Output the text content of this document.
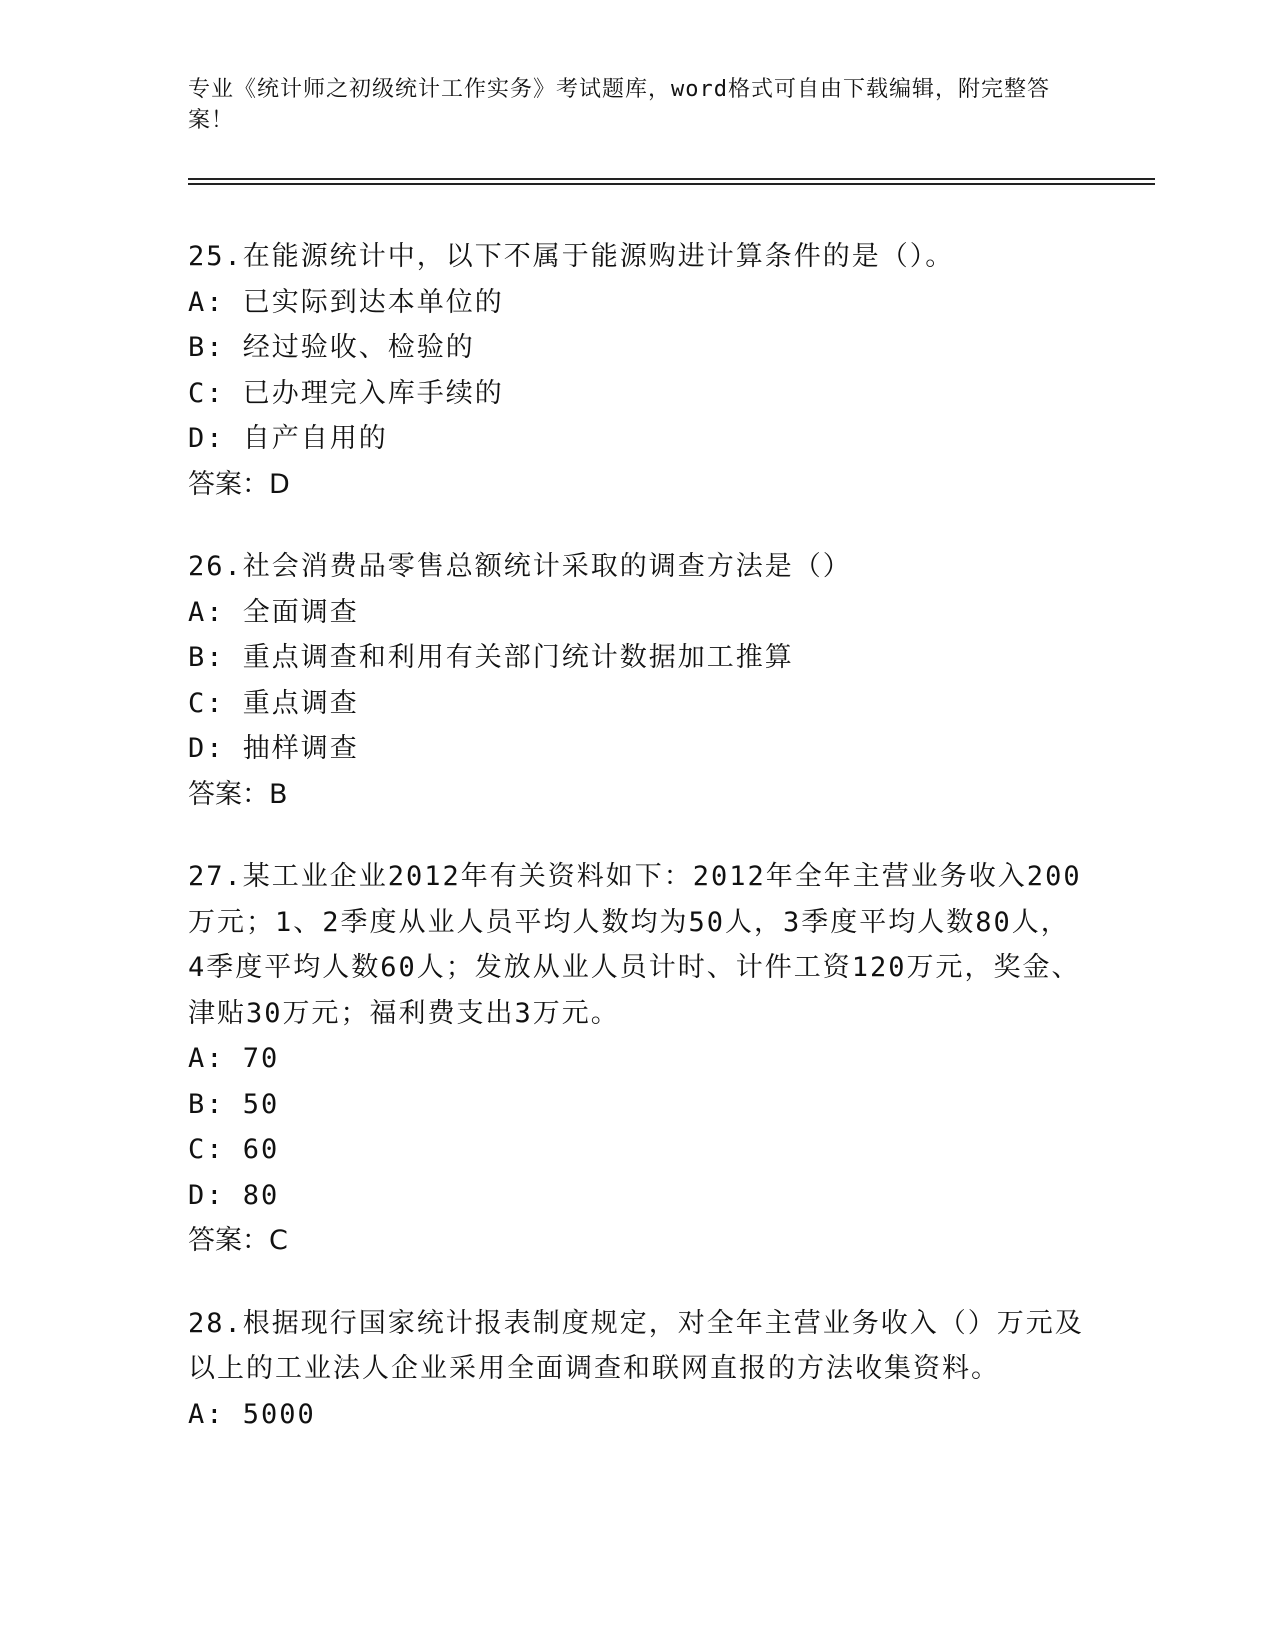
专业《统计师之初级统计工作实务》考试题库，word格式可自由下载编辑，附完整答案！
25.在能源统计中，以下不属于能源购进计算条件的是（）。
A: 已实际到达本单位的
B: 经过验收、检验的
C: 已办理完入库手续的
D: 自产自用的
答案：D
26.社会消费品零售总额统计采取的调查方法是（）
A: 全面调查
B: 重点调查和利用有关部门统计数据加工推算
C: 重点调查
D: 抽样调查
答案：B
27.某工业企业2012年有关资料如下：2012年全年主营业务收入200万元；1、2季度从业人员平均人数均为50人，3季度平均人数80人，4季度平均人数60人；发放从业人员计时、计件工资120万元，奖金、津贴30万元；福利费支出3万元。
A: 70
B: 50
C: 60
D: 80
答案：C
28.根据现行国家统计报表制度规定，对全年主营业务收入（）万元及以上的工业法人企业采用全面调查和联网直报的方法收集资料。
A: 5000
